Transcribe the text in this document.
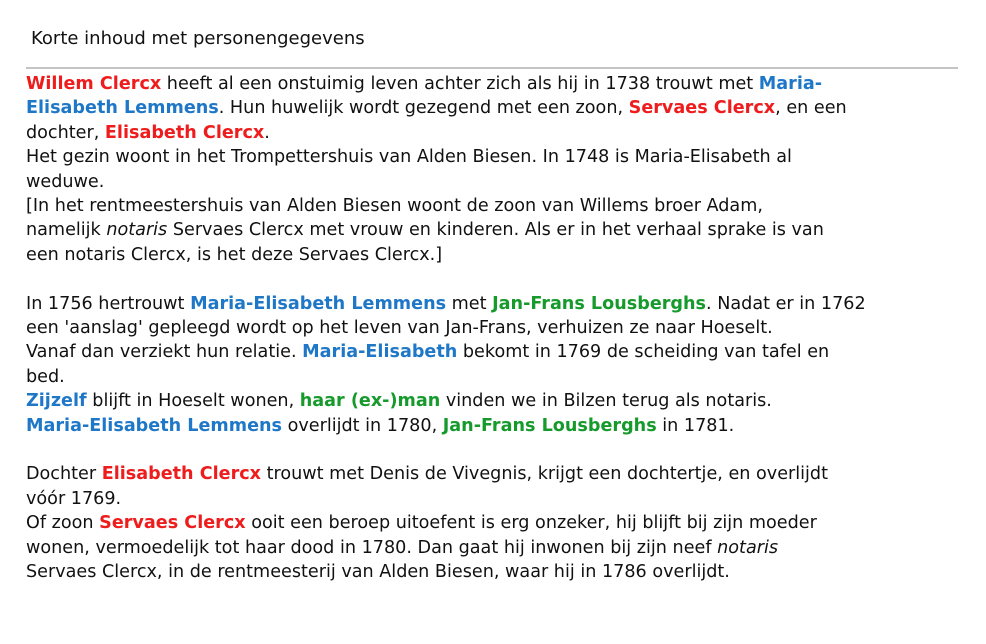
Korte inhoud met personengegevens
Willem Clercx heeft al een onstuimig leven achter zich als hij in 1738 trouwt met Maria-
Elisabeth Lemmens. Hun huwelijk wordt gezegend met een zoon, Servaes Clercx, en een
dochter, Elisabeth Clercx.
Het gezin woont in het Trompettershuis van Alden Biesen. In 1748 is Maria-Elisabeth al
weduwe.
[In het rentmeestershuis van Alden Biesen woont de zoon van Willems broer Adam,
namelijk notaris Servaes Clercx met vrouw en kinderen. Als er in het verhaal sprake is van
een notaris Clercx, is het deze Servaes Clercx.]
In 1756 hertrouwt Maria-Elisabeth Lemmens met Jan-Frans Lousberghs. Nadat er in 1762
een 'aanslag' gepleegd wordt op het leven van Jan-Frans, verhuizen ze naar Hoeselt.
Vanaf dan verziekt hun relatie. Maria-Elisabeth bekomt in 1769 de scheiding van tafel en
bed.
Zijzelf blijft in Hoeselt wonen, haar (ex-)man vinden we in Bilzen terug als notaris.
Maria-Elisabeth Lemmens overlijdt in 1780, Jan-Frans Lousberghs in 1781.
Dochter Elisabeth Clercx trouwt met Denis de Vivegnis, krijgt een dochtertje, en overlijdt
vóór 1769.
Of zoon Servaes Clercx ooit een beroep uitoefent is erg onzeker, hij blijft bij zijn moeder
wonen, vermoedelijk tot haar dood in 1780. Dan gaat hij inwonen bij zijn neef notaris
Servaes Clercx, in de rentmeesterij van Alden Biesen, waar hij in 1786 overlijdt.
